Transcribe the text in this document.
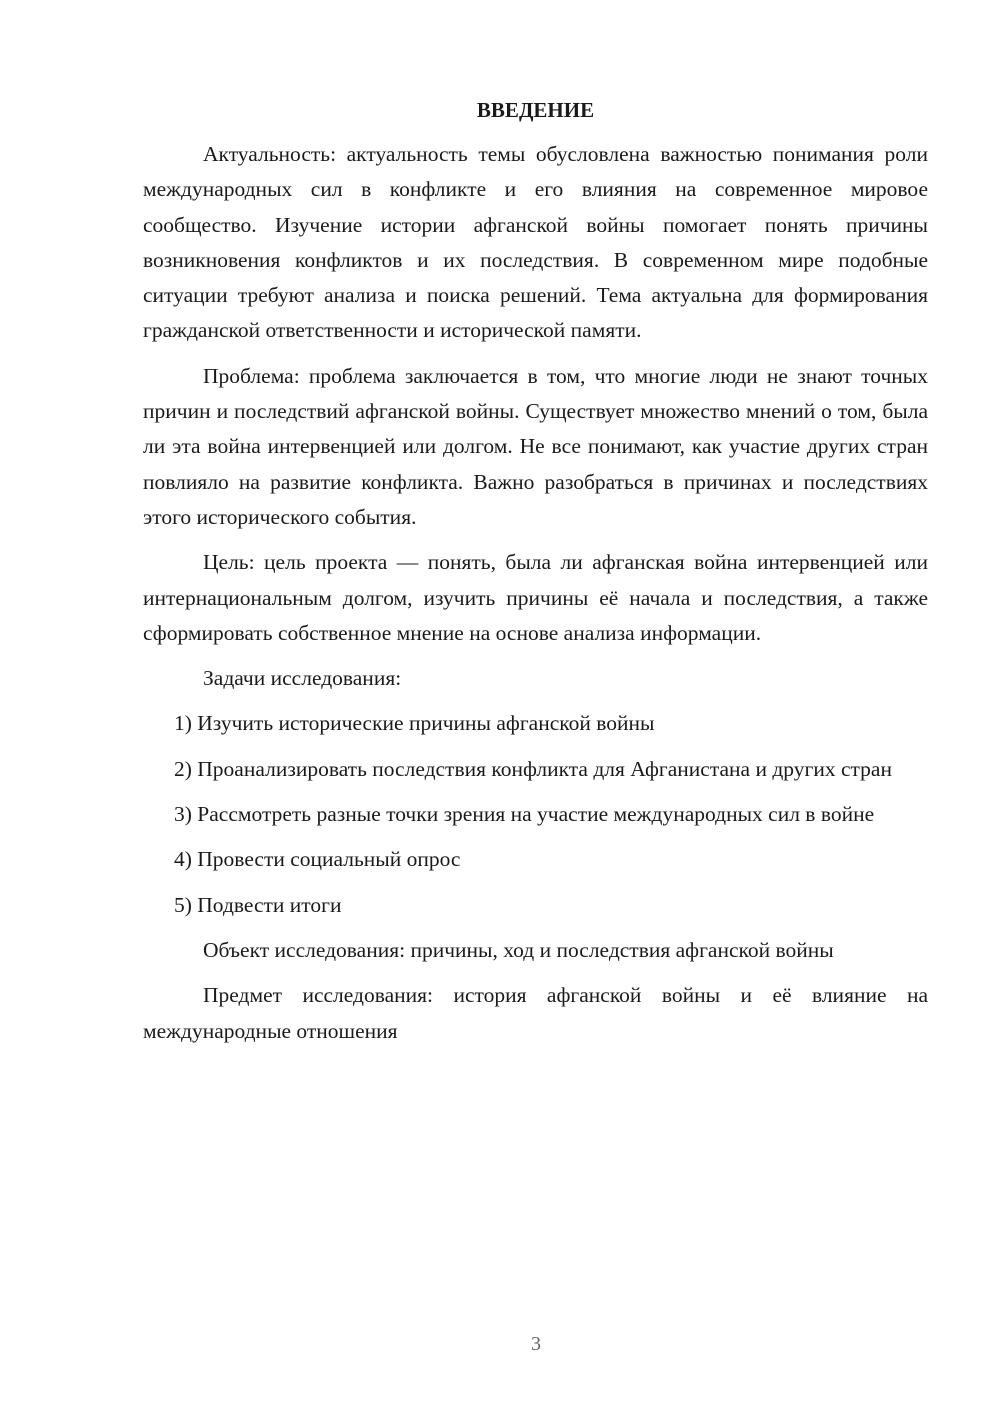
ВВЕДЕНИЕ

Актуальность: актуальность темы обусловлена важностью понимания роли международных сил в конфликте и его влияния на современное мировое сообщество. Изучение истории афганской войны помогает понять причины возникновения конфликтов и их последствия. В современном мире подобные ситуации требуют анализа и поиска решений. Тема актуальна для формирования гражданской ответственности и исторической памяти.

Проблема: проблема заключается в том, что многие люди не знают точных причин и последствий афганской войны. Существует множество мнений о том, была ли эта война интервенцией или долгом. Не все понимают, как участие других стран повлияло на развитие конфликта. Важно разобраться в причинах и последствиях этого исторического события.

Цель: цель проекта — понять, была ли афганская война интервенцией или интернациональным долгом, изучить причины её начала и последствия, а также сформировать собственное мнение на основе анализа информации.

Задачи исследования:

1) Изучить исторические причины афганской войны

2) Проанализировать последствия конфликта для Афганистана и других стран

3) Рассмотреть разные точки зрения на участие международных сил в войне

4) Провести социальный опрос

5) Подвести итоги

Объект исследования: причины, ход и последствия афганской войны

Предмет исследования: история афганской войны и её влияние на международные отношения

3
